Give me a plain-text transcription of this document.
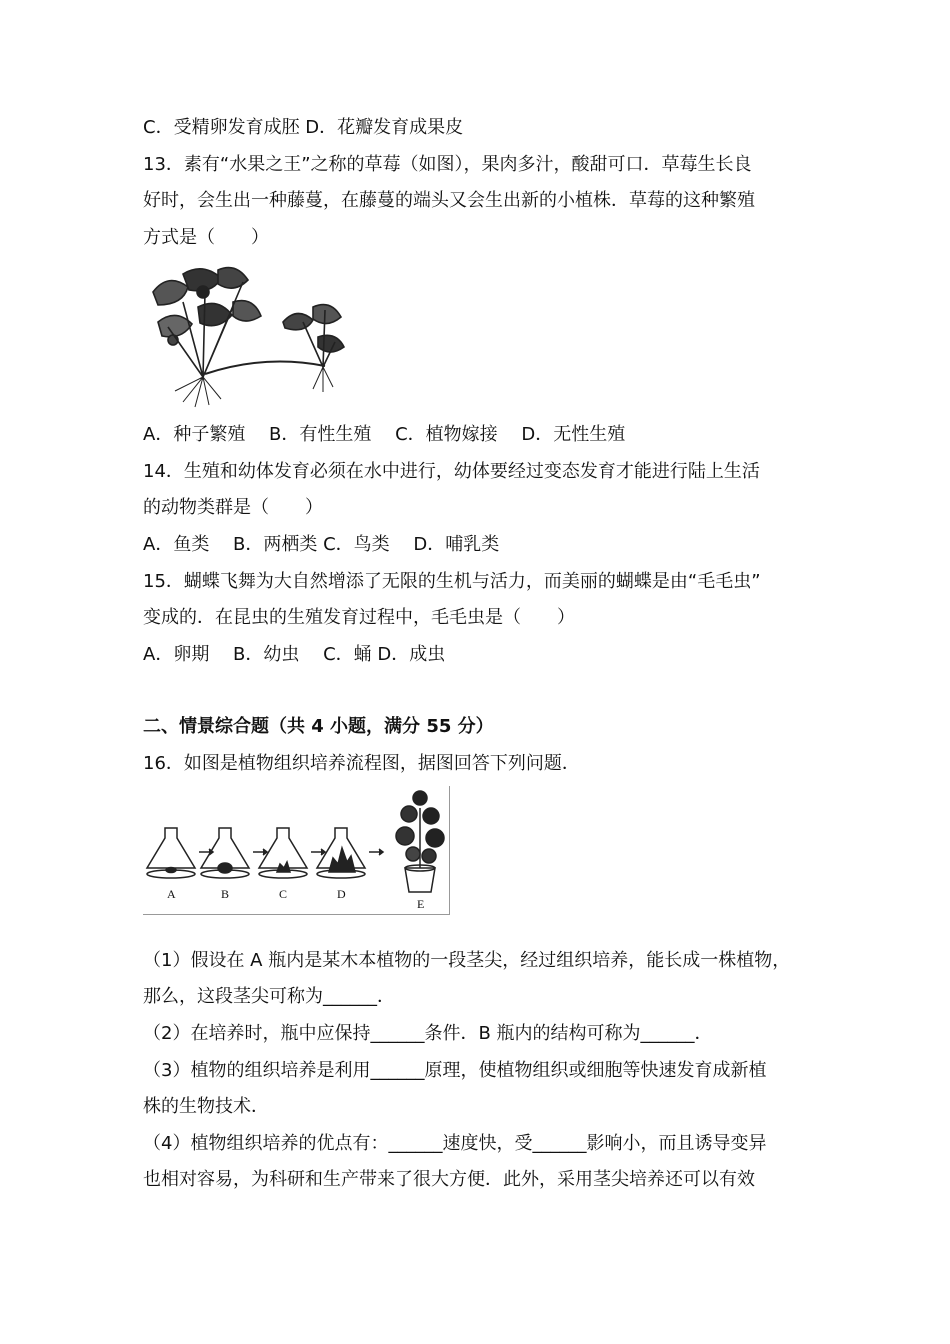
C．受精卵发育成胚 D．花瓣发育成果皮
13．素有“水果之王”之称的草莓（如图），果肉多汁，酸甜可口．草莓生长良
好时，会生出一种藤蔓，在藤蔓的端头又会生出新的小植株．草莓的这种繁殖
方式是（　　）
A．种子繁殖　 B．有性生殖　 C．植物嫁接　 D．无性生殖
14．生殖和幼体发育必须在水中进行，幼体要经过变态发育才能进行陆上生活
的动物类群是（　　）
A．鱼类　 B．两栖类 C．鸟类　 D．哺乳类
15．蝴蝶飞舞为大自然增添了无限的生机与活力，而美丽的蝴蝶是由“毛毛虫”
变成的．在昆虫的生殖发育过程中，毛毛虫是（　　）
A．卵期　 B．幼虫　 C．蛹 D．成虫
二、情景综合题（共 4 小题，满分 55 分）
16．如图是植物组织培养流程图，据图回答下列问题．
A	B	C	D
E
（1）假设在 A 瓶内是某木本植物的一段茎尖，经过组织培养，能长成一株植物，
那么，这段茎尖可称为______．
（2）在培养时，瓶中应保持______条件．B 瓶内的结构可称为______．
（3）植物的组织培养是利用______原理，使植物组织或细胞等快速发育成新植
株的生物技术．
（4）植物组织培养的优点有：______速度快，受______影响小，而且诱导变异
也相对容易，为科研和生产带来了很大方便．此外，采用茎尖培养还可以有效
